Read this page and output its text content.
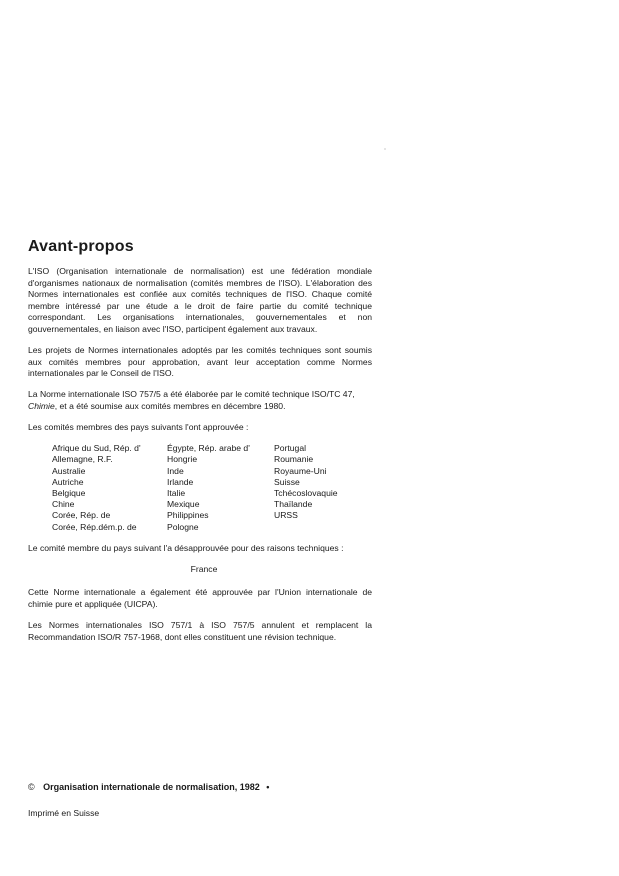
Avant-propos

L'ISO (Organisation internationale de normalisation) est une fédération mondiale d'organismes nationaux de normalisation (comités membres de l'ISO). L'élaboration des Normes internationales est confiée aux comités techniques de l'ISO. Chaque comité membre intéressé par une étude a le droit de faire partie du comité technique correspondant. Les organisations internationales, gouvernementales et non gouvernementales, en liaison avec l'ISO, participent également aux travaux.

Les projets de Normes internationales adoptés par les comités techniques sont soumis aux comités membres pour approbation, avant leur acceptation comme Normes internationales par le Conseil de l'ISO.

La Norme internationale ISO 757/5 a été élaborée par le comité technique ISO/TC 47,
Chimie, et a été soumise aux comités membres en décembre 1980.

Les comités membres des pays suivants l'ont approuvée :

Afrique du Sud, Rép. d'	Égypte, Rép. arabe d'	Portugal
Allemagne, R.F.	Hongrie	Roumanie
Australie	Inde	Royaume-Uni
Autriche	Irlande	Suisse
Belgique	Italie	Tchécoslovaquie
Chine	Mexique	Thaïlande
Corée, Rép. de	Philippines	URSS
Corée, Rép.dém.p. de	Pologne

Le comité membre du pays suivant l'a désapprouvée pour des raisons techniques :

France

Cette Norme internationale a également été approuvée par l'Union internationale de chimie pure et appliquée (UICPA).

Les Normes internationales ISO 757/1 à ISO 757/5 annulent et remplacent la Recommandation ISO/R 757-1968, dont elles constituent une révision technique.

© Organisation internationale de normalisation, 1982 •
Imprimé en Suisse
